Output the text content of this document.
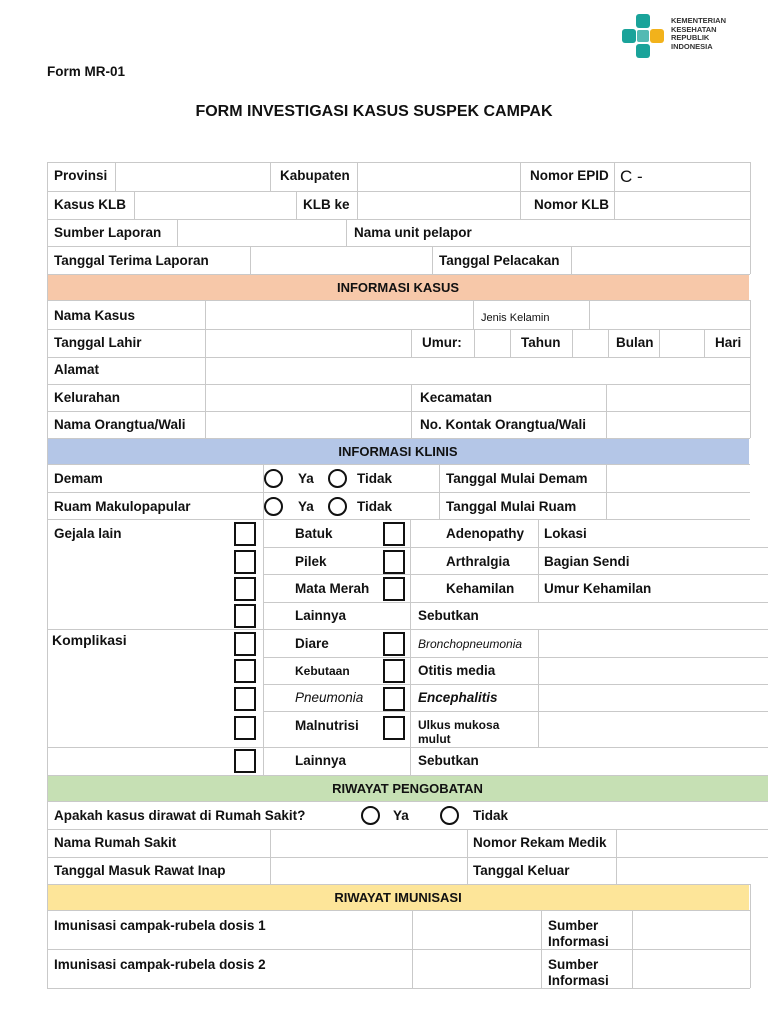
KEMENTERIAN
KESEHATAN
REPUBLIK
INDONESIA
Form MR-01
FORM INVESTIGASI KASUS SUSPEK CAMPAK
INFORMASI KASUS
INFORMASI KLINIS
RIWAYAT PENGOBATAN
RIWAYAT IMUNISASI
Provinsi	Kabupaten	Nomor EPID C -
Kasus KLB	KLB ke	Nomor KLB
Sumber Laporan	Nama unit pelapor
Tanggal Terima Laporan	Tanggal Pelacakan
Nama Kasus	Jenis Kelamin
Tanggal Lahir	Umur:	Tahun	Bulan	Hari
Alamat
Kelurahan	Kecamatan
Nama Orangtua/Wali	No. Kontak Orangtua/Wali
Demam	Ya	Tidak	Tanggal Mulai Demam
Ruam Makulopapular	Ya	Tidak	Tanggal Mulai Ruam
Gejala lain	Batuk	Adenopathy Lokasi
Pilek	Arthralgia	Bagian Sendi
Mata Merah	Kehamilan Umur Kehamilan
Lainnya	Sebutkan
Komplikasi	Diare	Bronchopneumonia
Kebutaan	Otitis media
Pneumonia	Encephalitis
Malnutrisi	Ulkus mukosa
mulut
Lainnya	Sebutkan
Apakah kasus dirawat di Rumah Sakit?	Ya	Tidak
Nama Rumah Sakit	Nomor Rekam Medik
Tanggal Masuk Rawat Inap	Tanggal Keluar
Imunisasi campak-rubela dosis 1	Sumber
Informasi
Imunisasi campak-rubela dosis 2	Sumber
Informasi
